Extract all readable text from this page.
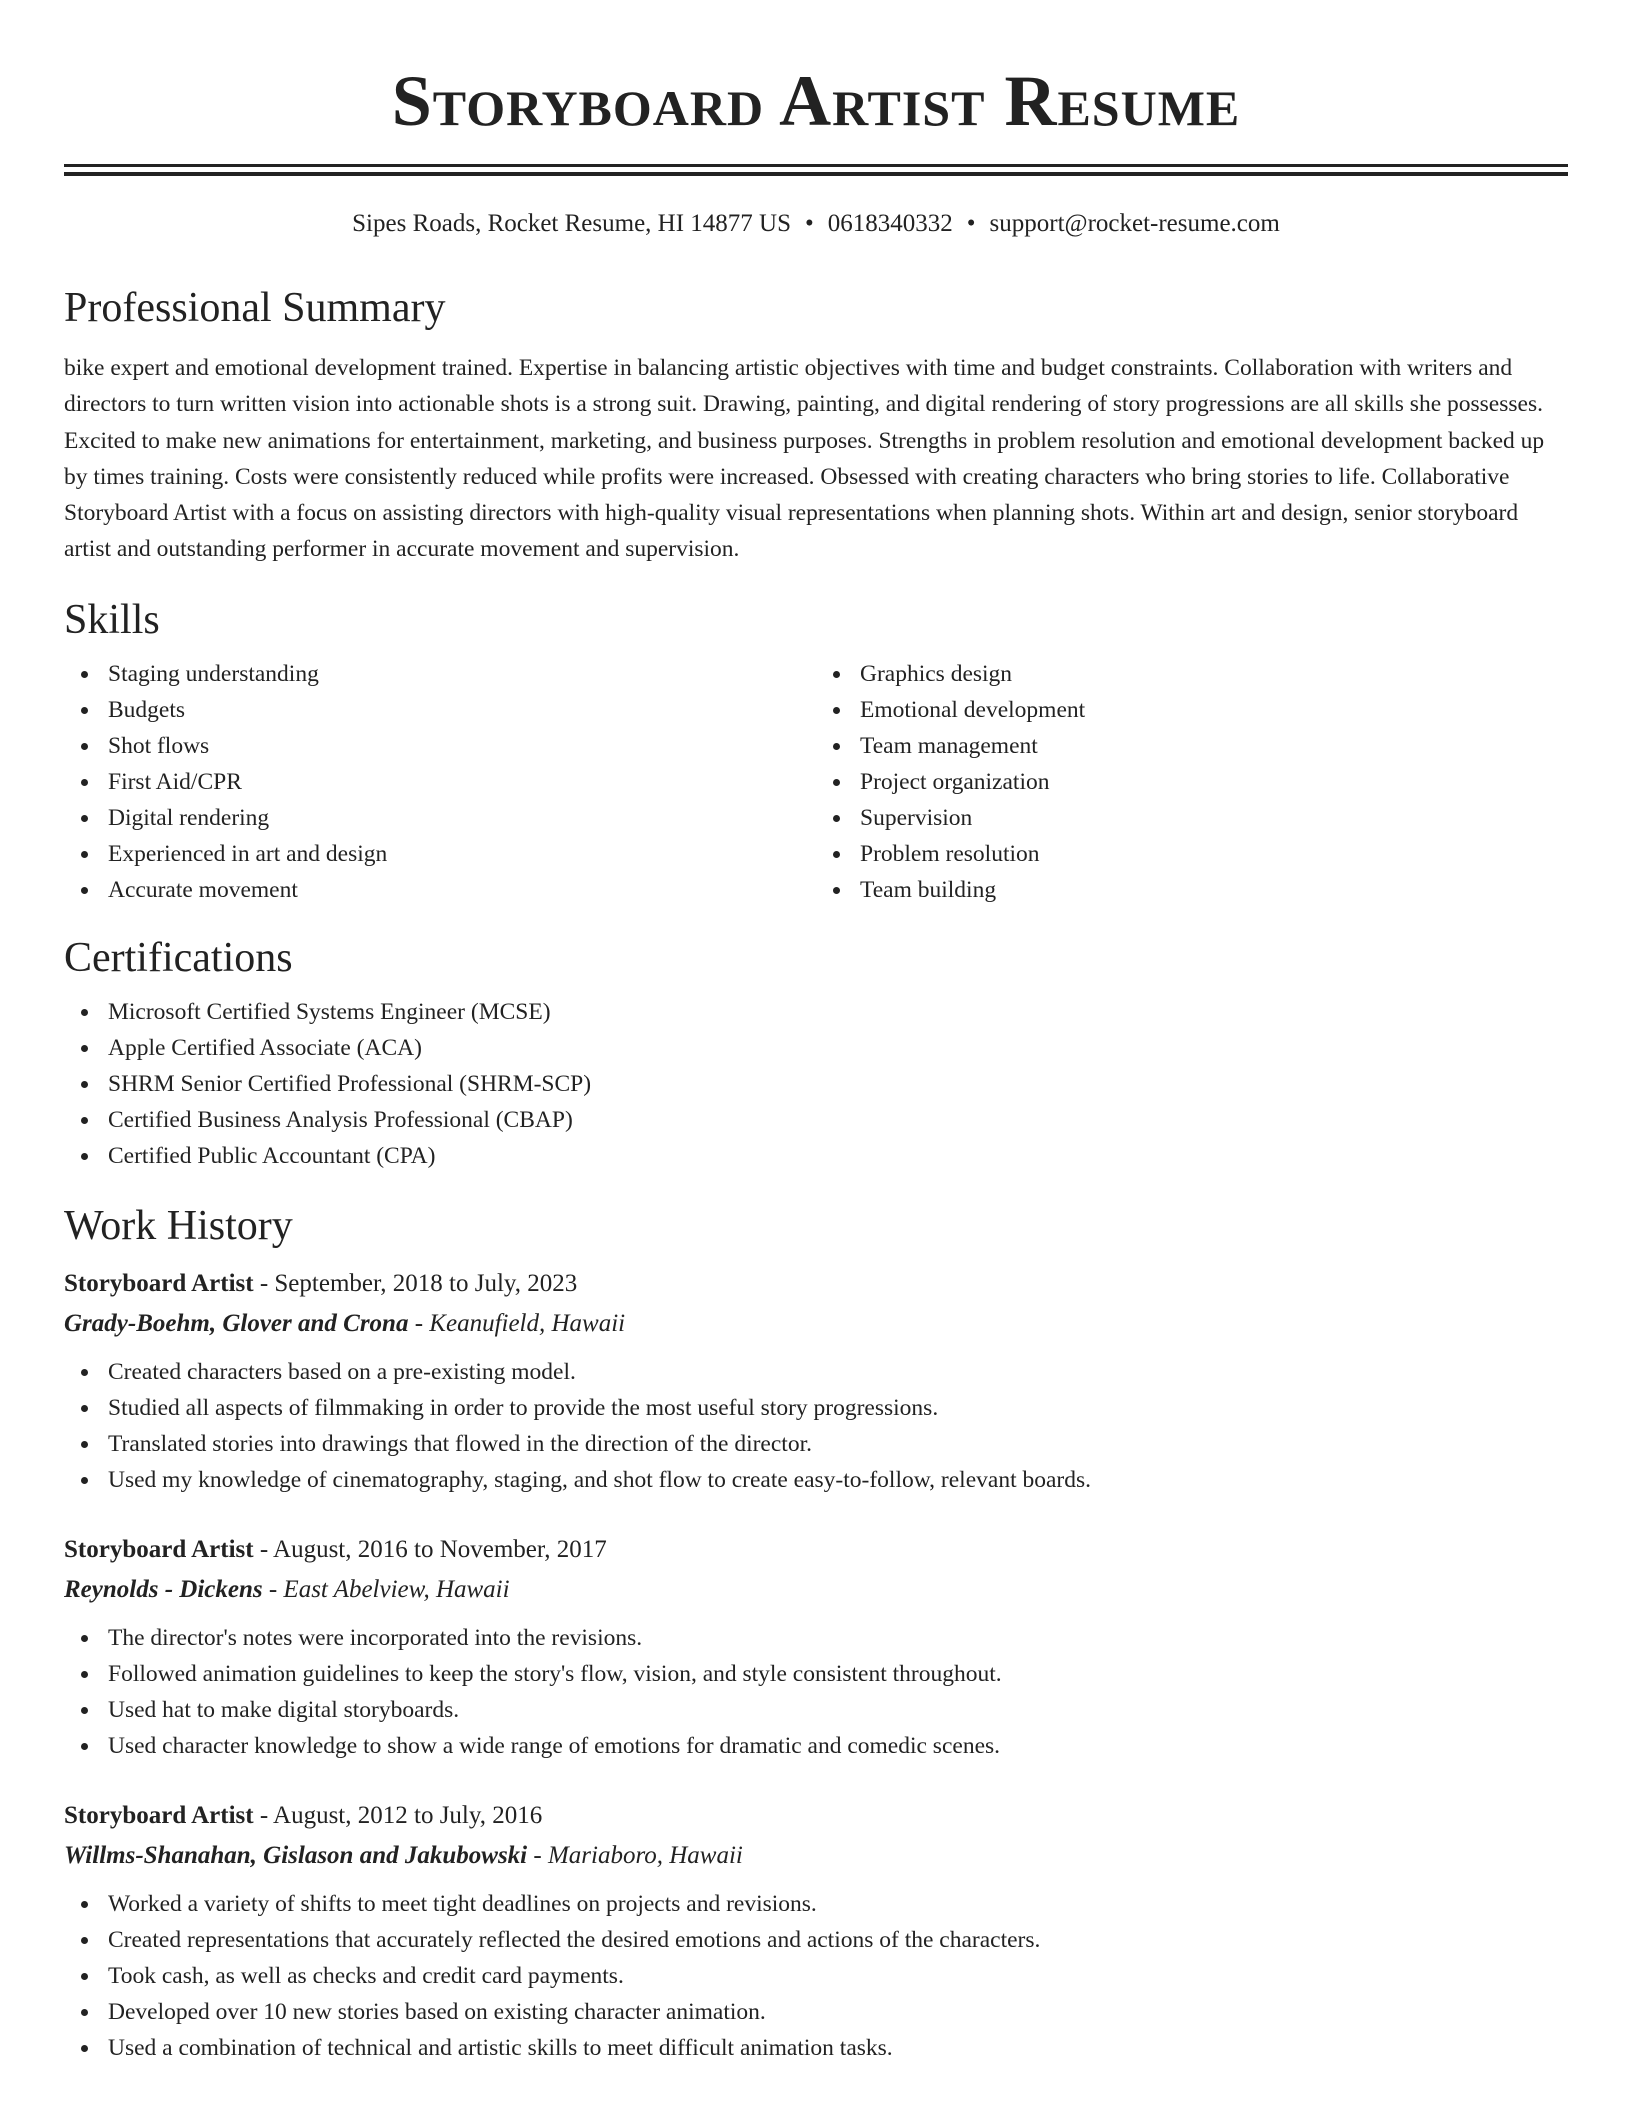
Storyboard Artist Resume
Sipes Roads, Rocket Resume, HI 14877 US • 0618340332 • support@rocket-resume.com
Professional Summary

bike expert and emotional development trained. Expertise in balancing artistic objectives with time and budget constraints. Collaboration with writers and directors to turn written vision into actionable shots is a strong suit. Drawing, painting, and digital rendering of story progressions are all skills she possesses. Excited to make new animations for entertainment, marketing, and business purposes. Strengths in problem resolution and emotional development backed up by times training. Costs were consistently reduced while profits were increased. Obsessed with creating characters who bring stories to life. Collaborative Storyboard Artist with a focus on assisting directors with high-quality visual representations when planning shots. Within art and design, senior storyboard artist and outstanding performer in accurate movement and supervision.

Skills
Staging understanding
Budgets
Shot flows
First Aid/CPR
Digital rendering
Experienced in art and design
Accurate movement
Graphics design
Emotional development
Team management
Project organization
Supervision
Problem resolution
Team building
Certifications
Microsoft Certified Systems Engineer (MCSE)
Apple Certified Associate (ACA)
SHRM Senior Certified Professional (SHRM-SCP)
Certified Business Analysis Professional (CBAP)
Certified Public Accountant (CPA)
Work History
Storyboard Artist - September, 2018 to July, 2023
Grady-Boehm, Glover and Crona - Keanufield, Hawaii
Created characters based on a pre-existing model.
Studied all aspects of filmmaking in order to provide the most useful story progressions.
Translated stories into drawings that flowed in the direction of the director.
Used my knowledge of cinematography, staging, and shot flow to create easy-to-follow, relevant boards.
Storyboard Artist - August, 2016 to November, 2017
Reynolds - Dickens - East Abelview, Hawaii
The director's notes were incorporated into the revisions.
Followed animation guidelines to keep the story's flow, vision, and style consistent throughout.
Used hat to make digital storyboards.
Used character knowledge to show a wide range of emotions for dramatic and comedic scenes.
Storyboard Artist - August, 2012 to July, 2016
Willms-Shanahan, Gislason and Jakubowski - Mariaboro, Hawaii
Worked a variety of shifts to meet tight deadlines on projects and revisions.
Created representations that accurately reflected the desired emotions and actions of the characters.
Took cash, as well as checks and credit card payments.
Developed over 10 new stories based on existing character animation.
Used a combination of technical and artistic skills to meet difficult animation tasks.
